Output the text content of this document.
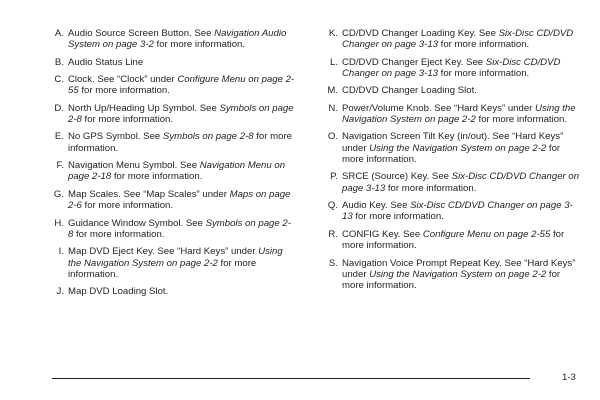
A. Audio Source Screen Button. See Navigation Audio System on page 3-2 for more information.
B. Audio Status Line
C. Clock. See “Clock” under Configure Menu on page 2-55 for more information.
D. North Up/Heading Up Symbol. See Symbols on page 2-8 for more information.
E. No GPS Symbol. See Symbols on page 2-8 for more information.
F. Navigation Menu Symbol. See Navigation Menu on page 2-18 for more information.
G. Map Scales. See “Map Scales” under Maps on page 2-6 for more information.
H. Guidance Window Symbol. See Symbols on page 2-8 for more information.
I. Map DVD Eject Key. See “Hard Keys” under Using the Navigation System on page 2-2 for more information.
J. Map DVD Loading Slot.
K. CD/DVD Changer Loading Key. See Six-Disc CD/DVD Changer on page 3-13 for more information.
L. CD/DVD Changer Eject Key. See Six-Disc CD/DVD Changer on page 3-13 for more information.
M. CD/DVD Changer Loading Slot.
N. Power/Volume Knob. See “Hard Keys” under Using the Navigation System on page 2-2 for more information.
O. Navigation Screen Tilt Key (in/out). See “Hard Keys” under Using the Navigation System on page 2-2 for more information.
P. SRCE (Source) Key. See Six-Disc CD/DVD Changer on page 3-13 for more information.
Q. Audio Key. See Six-Disc CD/DVD Changer on page 3-13 for more information.
R. CONFIG Key. See Configure Menu on page 2-55 for more information.
S. Navigation Voice Prompt Repeat Key. See “Hard Keys” under Using the Navigation System on page 2-2 for more information.
1-3
